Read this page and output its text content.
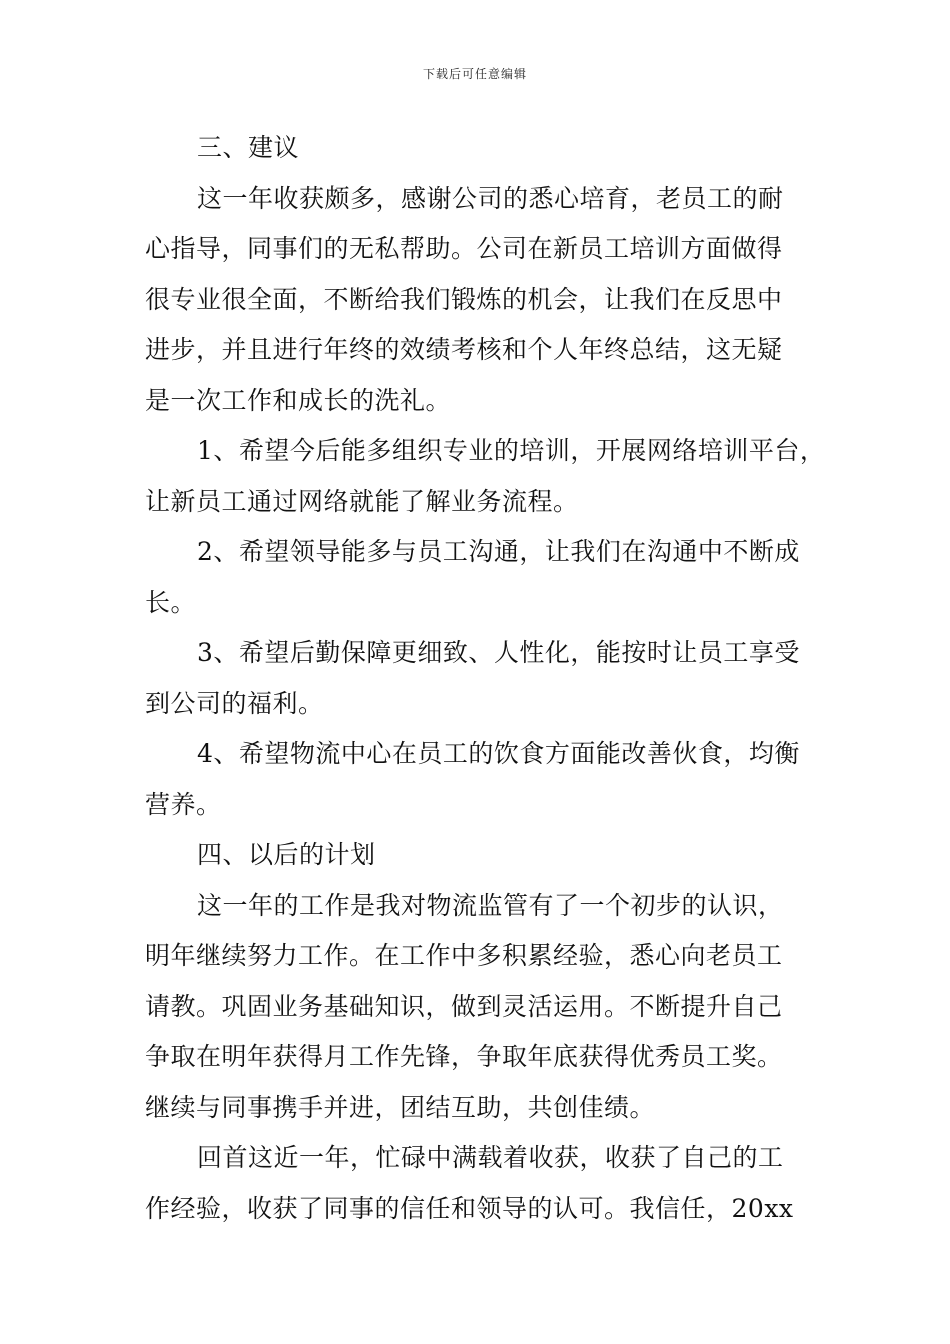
下载后可任意编辑
三、建议
这一年收获颇多，感谢公司的悉心培育，老员工的耐
心指导，同事们的无私帮助。公司在新员工培训方面做得
很专业很全面，不断给我们锻炼的机会，让我们在反思中
进步，并且进行年终的效绩考核和个人年终总结，这无疑
是一次工作和成长的洗礼。
1、希望今后能多组织专业的培训，开展网络培训平台，
让新员工通过网络就能了解业务流程。
2、希望领导能多与员工沟通，让我们在沟通中不断成
长。
3、希望后勤保障更细致、人性化，能按时让员工享受
到公司的福利。
4、希望物流中心在员工的饮食方面能改善伙食，均衡
营养。
四、以后的计划
这一年的工作是我对物流监管有了一个初步的认识，
明年继续努力工作。在工作中多积累经验，悉心向老员工
请教。巩固业务基础知识，做到灵活运用。不断提升自己
争取在明年获得月工作先锋，争取年底获得优秀员工奖。
继续与同事携手并进，团结互助，共创佳绩。
回首这近一年，忙碌中满载着收获，收获了自己的工
作经验，收获了同事的信任和领导的认可。我信任，20xx
